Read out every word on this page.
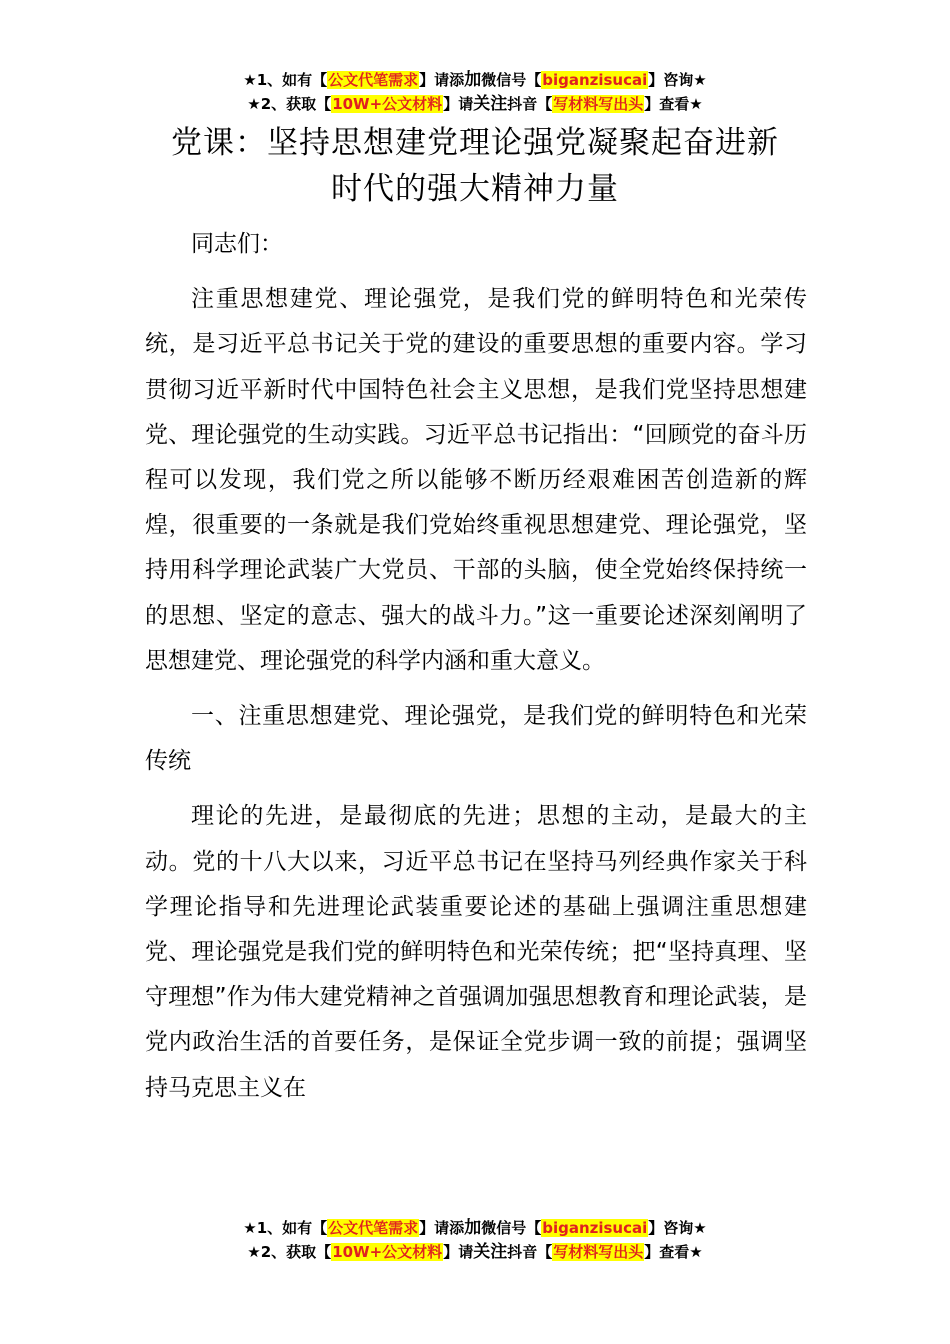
★1、如有【公文代笔需求】请添加微信号【biganzisucai】咨询★
★2、获取【10W+公文材料】请关注抖音【写材料写出头】查看★
党课：坚持思想建党理论强党凝聚起奋进新
时代的强大精神力量

同志们：

注重思想建党、理论强党，是我们党的鲜明特色和光荣传统，是习近平总书记关于党的建设的重要思想的重要内容。学习贯彻习近平新时代中国特色社会主义思想，是我们党坚持思想建党、理论强党的生动实践。习近平总书记指出：“回顾党的奋斗历程可以发现，我们党之所以能够不断历经艰难困苦创造新的辉煌，很重要的一条就是我们党始终重视思想建党、理论强党，坚持用科学理论武装广大党员、干部的头脑，使全党始终保持统一的思想、坚定的意志、强大的战斗力。”这一重要论述深刻阐明了思想建党、理论强党的科学内涵和重大意义。

一、注重思想建党、理论强党，是我们党的鲜明特色和光荣传统

理论的先进，是最彻底的先进；思想的主动，是最大的主动。党的十八大以来，习近平总书记在坚持马列经典作家关于科学理论指导和先进理论武装重要论述的基础上强调注重思想建党、理论强党是我们党的鲜明特色和光荣传统；把“坚持真理、坚守理想”作为伟大建党精神之首强调加强思想教育和理论武装，是党内政治生活的首要任务，是保证全党步调一致的前提；强调坚持马克思主义在

★1、如有【公文代笔需求】请添加微信号【biganzisucai】咨询★
★2、获取【10W+公文材料】请关注抖音【写材料写出头】查看★
